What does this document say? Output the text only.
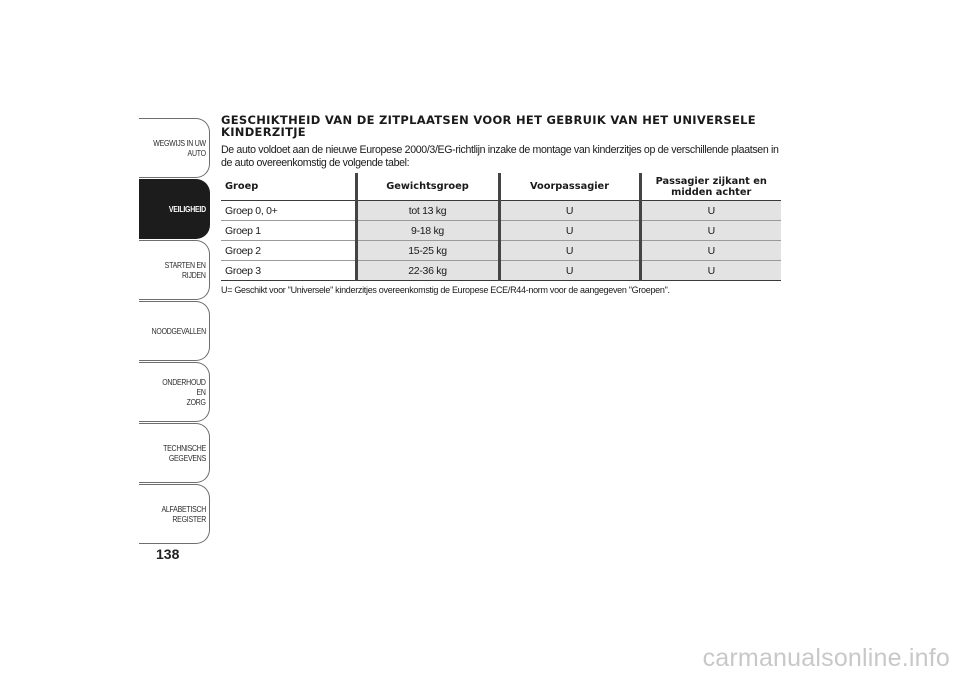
WEGWIJS IN UW
AUTO
VEILIGHEID
STARTEN EN RIJDEN
NOODGEVALLEN
ONDERHOUD EN
ZORG
TECHNISCHE
GEGEVENS
ALFABETISCH
REGISTER
138
GESCHIKTHEID VAN DE ZITPLAATSEN VOOR HET GEBRUIK VAN HET UNIVERSELE KINDERZITJE
De auto voldoet aan de nieuwe Europese 2000/3/EG-richtlijn inzake de montage van kinderzitjes op de verschillende plaatsen in de auto overeenkomstig de volgende tabel:
Groep	Gewichtsgroep	Voorpassagier	Passagier zijkant en midden achter
Groep 0, 0+	tot 13 kg	U	U
Groep 1	9-18 kg	U	U
Groep 2	15-25 kg	U	U
Groep 3	22-36 kg	U	U
U= Geschikt voor "Universele" kinderzitjes overeenkomstig de Europese ECE/R44-norm voor de aangegeven "Groepen".
carmanualsonline.info
